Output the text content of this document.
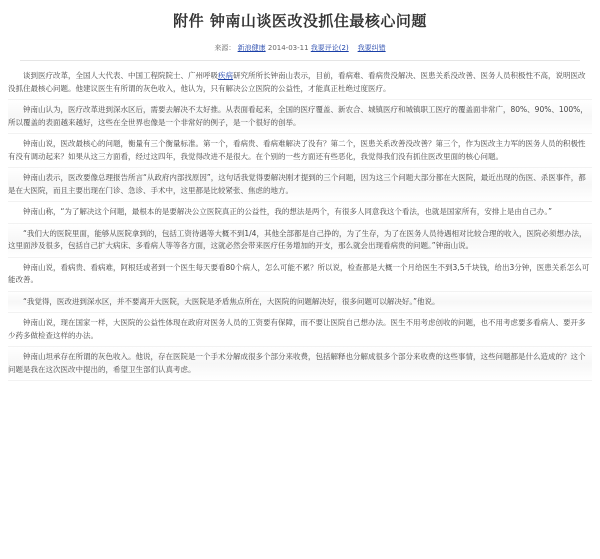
附件 钟南山谈医改没抓住最核心问题
来源： 新浪健康 2014-03-11 我要评论(2) 我要纠错
谈到医疗改革，全国人大代表、中国工程院院士、广州呼吸疾病研究所所长钟南山表示，目前，看病难、看病贵没解决、医患关系没改善、医务人员积极性不高，说明医改没抓住最核心问题。他建议医生有所谓的灰色收入，他认为，只有解决公立医院的公益性，才能真正杜绝过度医疗。
钟南山认为，医疗改革进到深水区后，需要去解决不太好推。从表面看起来，全国的医疗覆盖、新农合、城镇医疗和城镇职工医疗的覆盖面非常广，80%、90%、100%，所以覆盖的表面越来越好，这些在全世界也像是一个非常好的例子，是一个很好的创举。
钟南山说，医改最核心的问题，衡量有三个衡量标准。第一个，看病贵、看病难解决了没有？第二个，医患关系改善没改善？第三个，作为医改主力军的医务人员的积极性有没有调动起来？如果从这三方面看，经过这四年，我觉得改进不是很大。在个别的一些方面还有些恶化，我觉得我们没有抓住医改里面的核心问题。
钟南山表示，医改要像总理报告所言“从政府内部找原因”，这句话我觉得要解决刚才提到的三个问题，因为这三个问题大部分都在大医院，最近出现的伤医、杀医事件，都是在大医院，而且主要出现在门诊、急诊、手术中，这里都是比较紧张、焦虑的地方。
钟南山称，“为了解决这个问题，最根本的是要解决公立医院真正的公益性，我的想法是两个，有很多人同意我这个看法，也就是国家所有，安排上是由自己办。”
“我们大的医院里面，能够从医院拿到的，包括工资待遇等大概不到1/4，其他全部都是自己挣的，为了生存，为了在医务人员待遇相对比较合理的收入，医院必须想办法，这里面涉及很多，包括自己扩大病床、多看病人等等各方面，这就必然会带来医疗任务增加的开支，那么就会出现看病贵的问题。”钟南山说。
钟南山说，看病贵、看病难，阿根廷或者到一个医生每天要看80个病人，怎么可能不累？所以说，检查都是大概一个月给医生不到3,5千块钱，给出3分钟，医患关系怎么可能改善。
“我觉得，医改进到深水区，并不要离开大医院，大医院是矛盾焦点所在，大医院的问题解决好，很多问题可以解决好。”他说。
钟南山说，现在国家一样，大医院的公益性体现在政府对医务人员的工资要有保障，而不要让医院自己想办法。医生不用考虑创收的问题，也不用考虑要多看病人、要开多少药多做检查这样的办法。
钟南山坦承存在所谓的灰色收入。他说，存在医院是一个手术分解成很多个部分来收费，包括解释也分解成很多个部分来收费的这些事情，这些问题都是什么造成的？这个问题是我在这次医改中提出的，希望卫生部们认真考虑。
